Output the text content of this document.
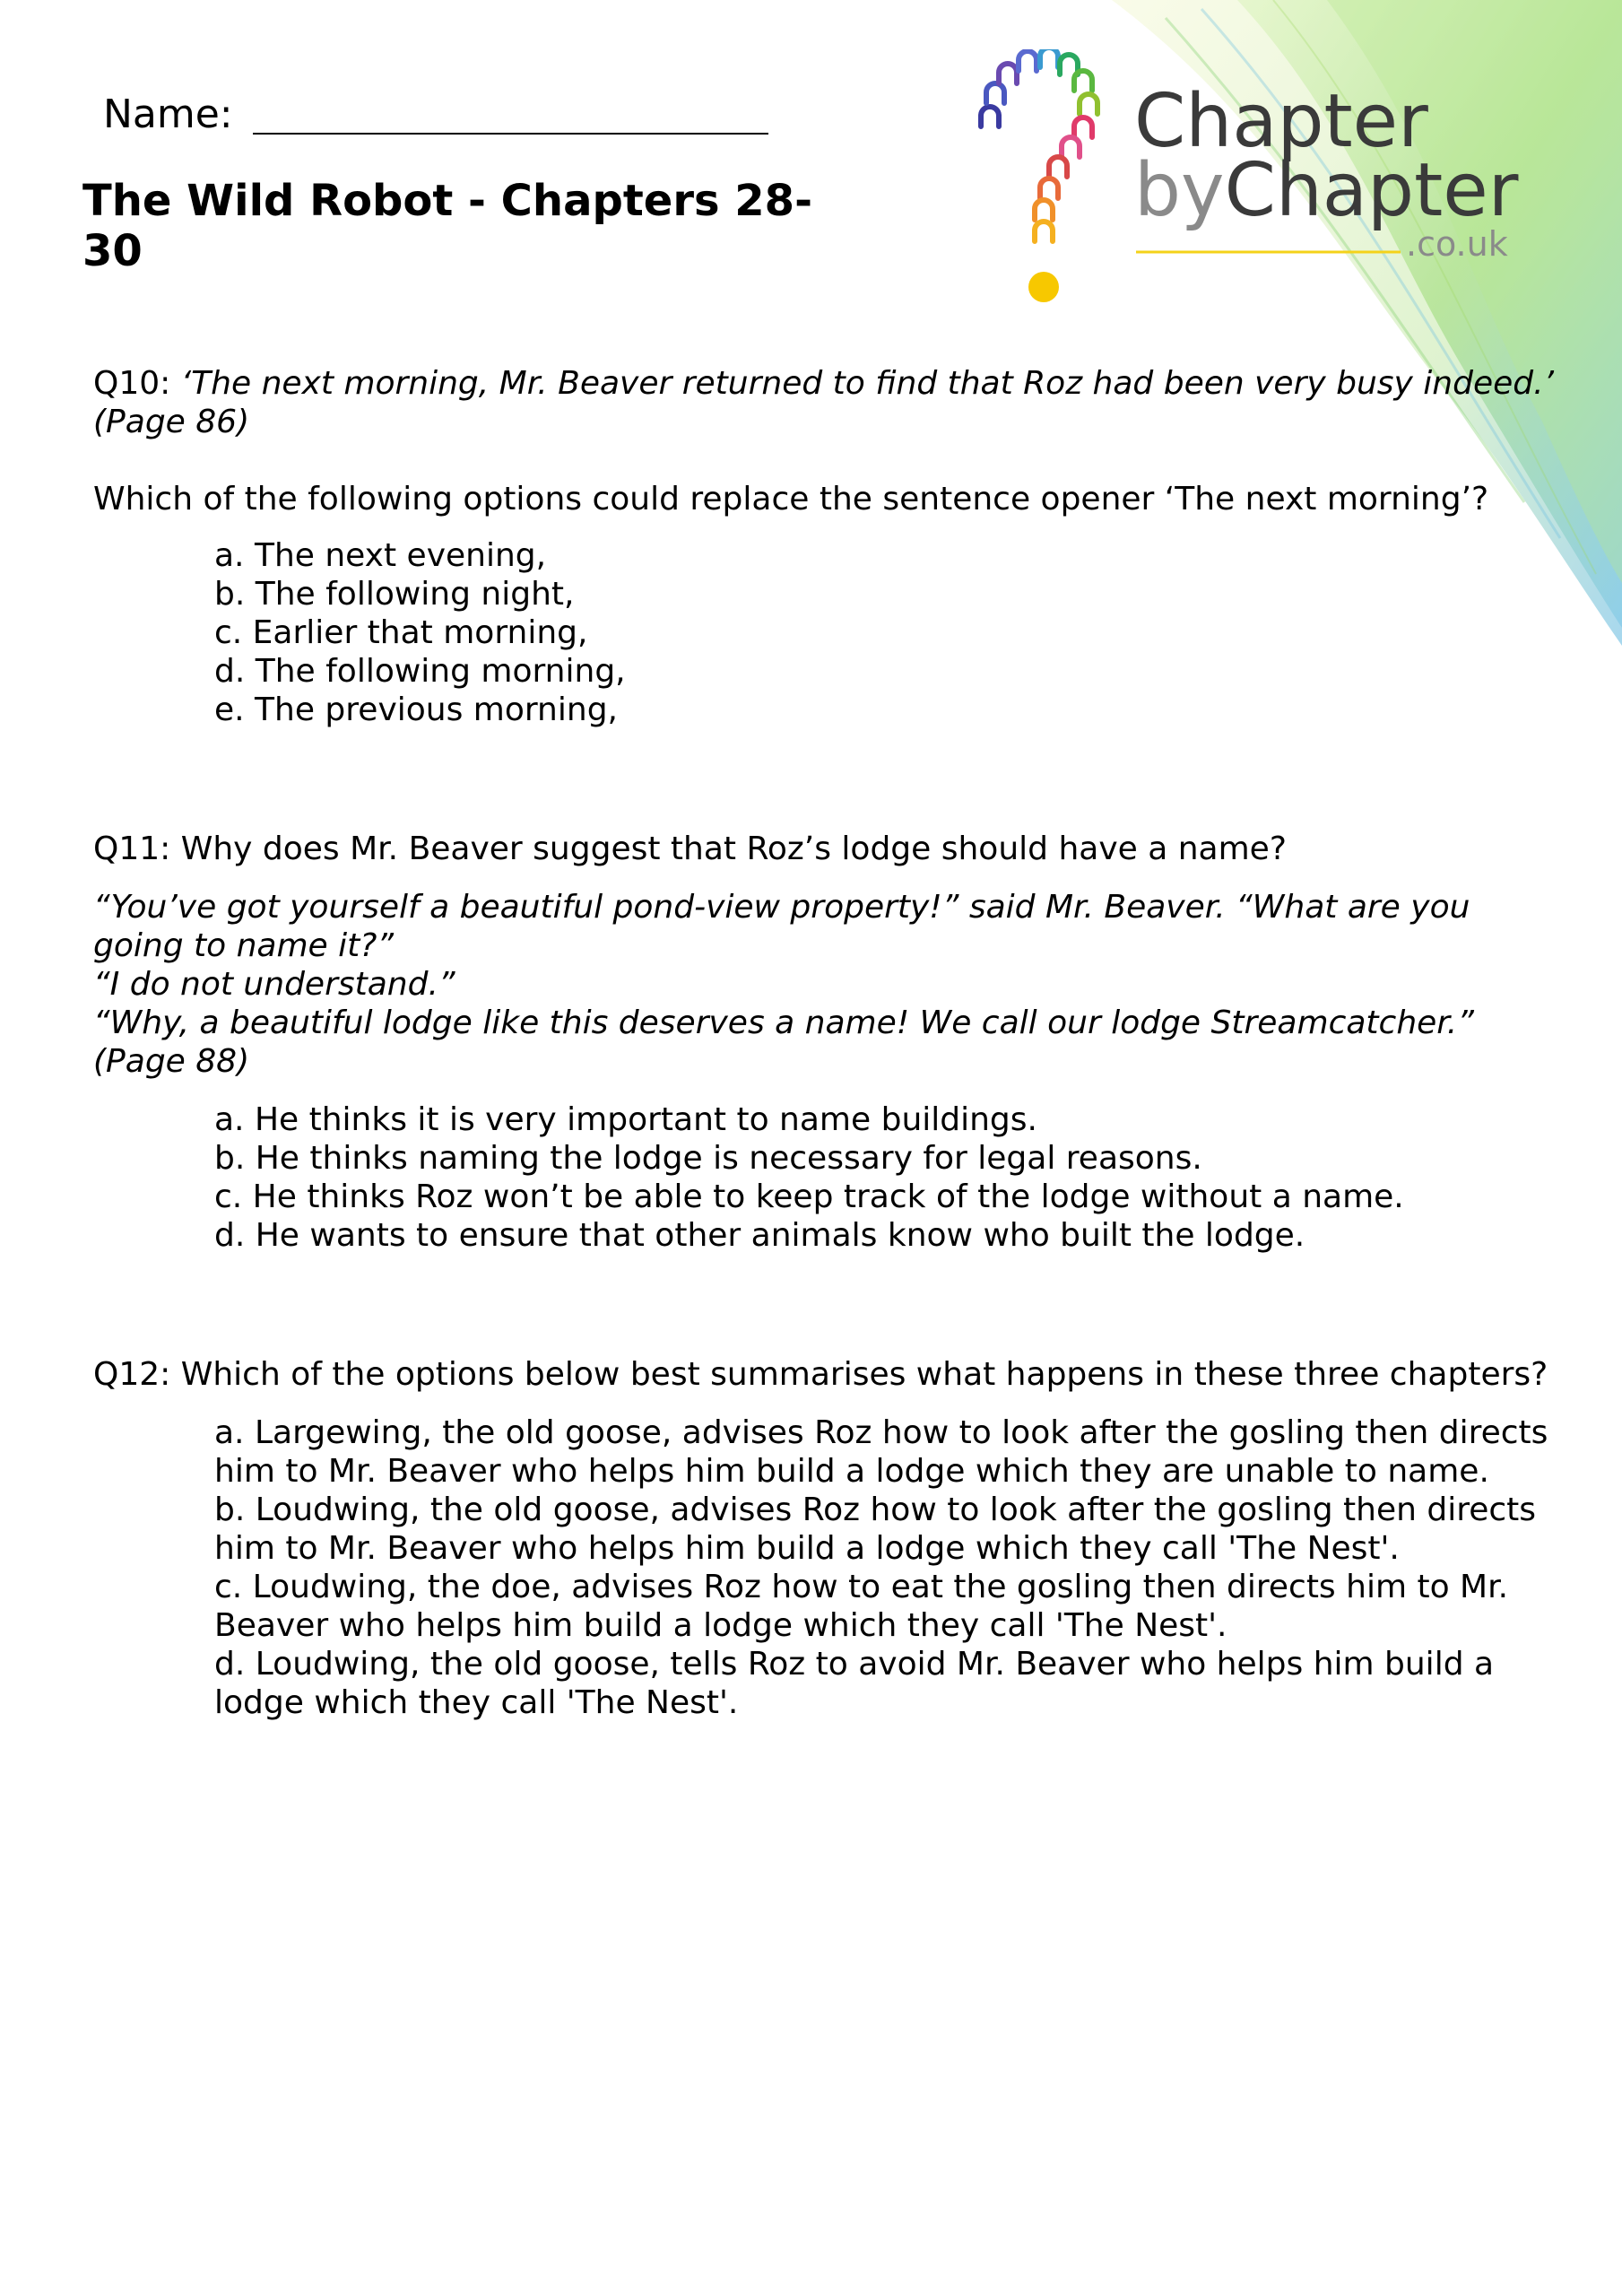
Chapter
byChapter
.co.uk
Name:
The Wild Robot - Chapters 28-30

Q10: ‘The next morning, Mr. Beaver returned to find that Roz had been very busy indeed.’ (Page 86)

Which of the following options could replace the sentence opener ‘The next morning’?

a. The next evening,
b. The following night,
c. Earlier that morning,
d. The following morning,
e. The previous morning,

Q11: Why does Mr. Beaver suggest that Roz’s lodge should have a name?

“You’ve got yourself a beautiful pond-view property!” said Mr. Beaver. “What are you going to name it?”

“I do not understand.”

“Why, a beautiful lodge like this deserves a name! We call our lodge Streamcatcher.” (Page 88)

a. He thinks it is very important to name buildings.
b. He thinks naming the lodge is necessary for legal reasons.
c. He thinks Roz won’t be able to keep track of the lodge without a name.
d. He wants to ensure that other animals know who built the lodge.

Q12: Which of the options below best summarises what happens in these three chapters?

a. Largewing, the old goose, advises Roz how to look after the gosling then directs him to Mr. Beaver who helps him build a lodge which they are unable to name.
b. Loudwing, the old goose, advises Roz how to look after the gosling then directs him to Mr. Beaver who helps him build a lodge which they call 'The Nest'.
c. Loudwing, the doe, advises Roz how to eat the gosling then directs him to Mr. Beaver who helps him build a lodge which they call 'The Nest'.
d. Loudwing, the old goose, tells Roz to avoid Mr. Beaver who helps him build a lodge which they call 'The Nest'.
